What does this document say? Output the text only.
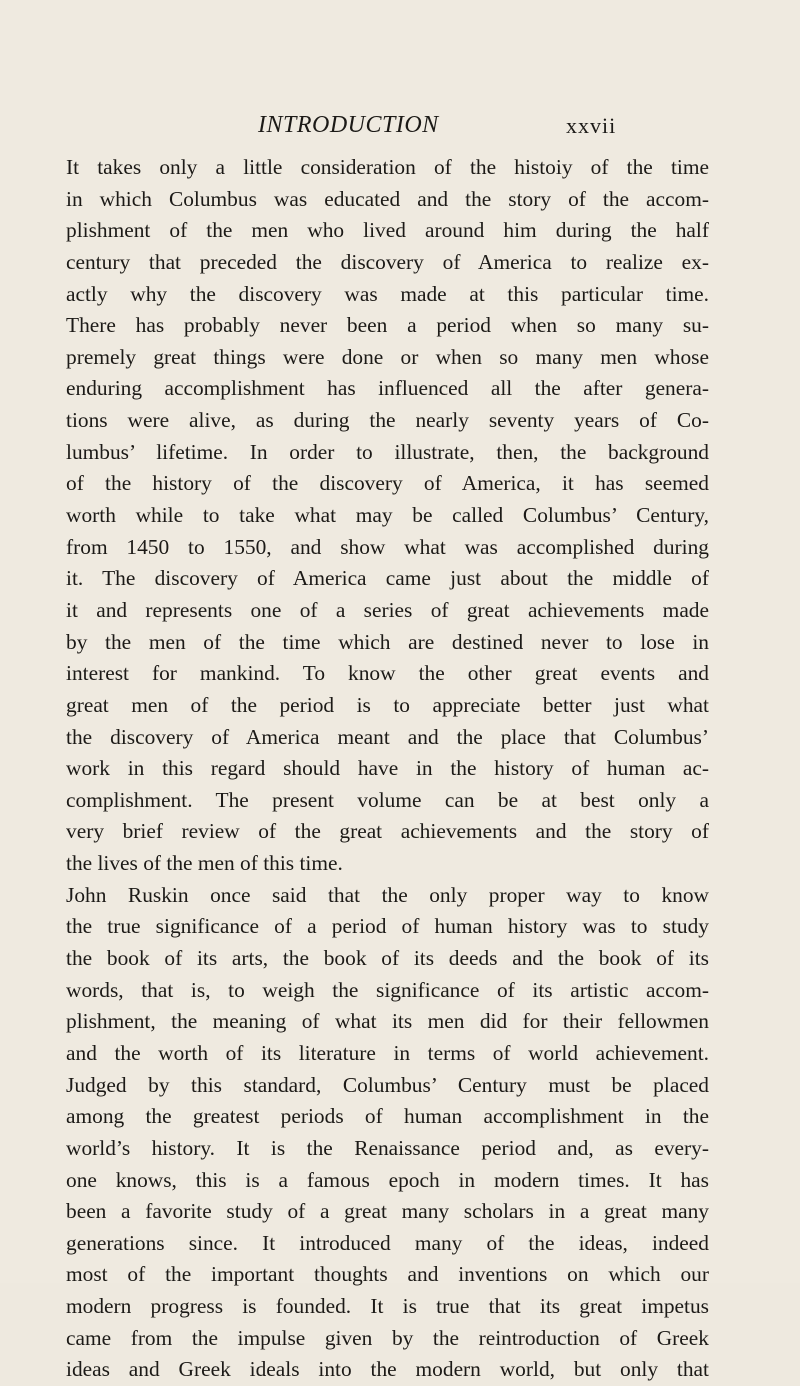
INTRODUCTION	xxvii
It takes only a little consideration of the histoiy of the time
in which Columbus was educated and the story of the accom-
plishment of the men who lived around him during the half
century that preceded the discovery of America to realize ex-
actly why the discovery was made at this particular time.
There has probably never been a period when so many su-
premely great things were done or when so many men whose
enduring accomplishment has influenced all the after genera-
tions were alive, as during the nearly seventy years of Co-
lumbus’ lifetime. In order to illustrate, then, the background
of the history of the discovery of America, it has seemed
worth while to take what may be called Columbus’ Century,
from 1450 to 1550, and show what was accomplished during
it. The discovery of America came just about the middle of
it and represents one of a series of great achievements made
by the men of the time which are destined never to lose in
interest for mankind. To know the other great events and
great men of the period is to appreciate better just what
the discovery of America meant and the place that Columbus’
work in this regard should have in the history of human ac-
complishment. The present volume can be at best only a
very brief review of the great achievements and the story of
the lives of the men of this time.
John Ruskin once said that the only proper way to know
the true significance of a period of human history was to study
the book of its arts, the book of its deeds and the book of its
words, that is, to weigh the significance of its artistic accom-
plishment, the meaning of what its men did for their fellowmen
and the worth of its literature in terms of world achievement.
Judged by this standard, Columbus’ Century must be placed
among the greatest periods of human accomplishment in the
world’s history. It is the Renaissance period and, as every-
one knows, this is a famous epoch in modern times. It has
been a favorite study of a great many scholars in a great many
generations since. It introduced many of the ideas, indeed
most of the important thoughts and inventions on which our
modern progress is founded. It is true that its great impetus
came from the impulse given by the reintroduction of Greek
ideas and Greek ideals into the modern world, but only that
